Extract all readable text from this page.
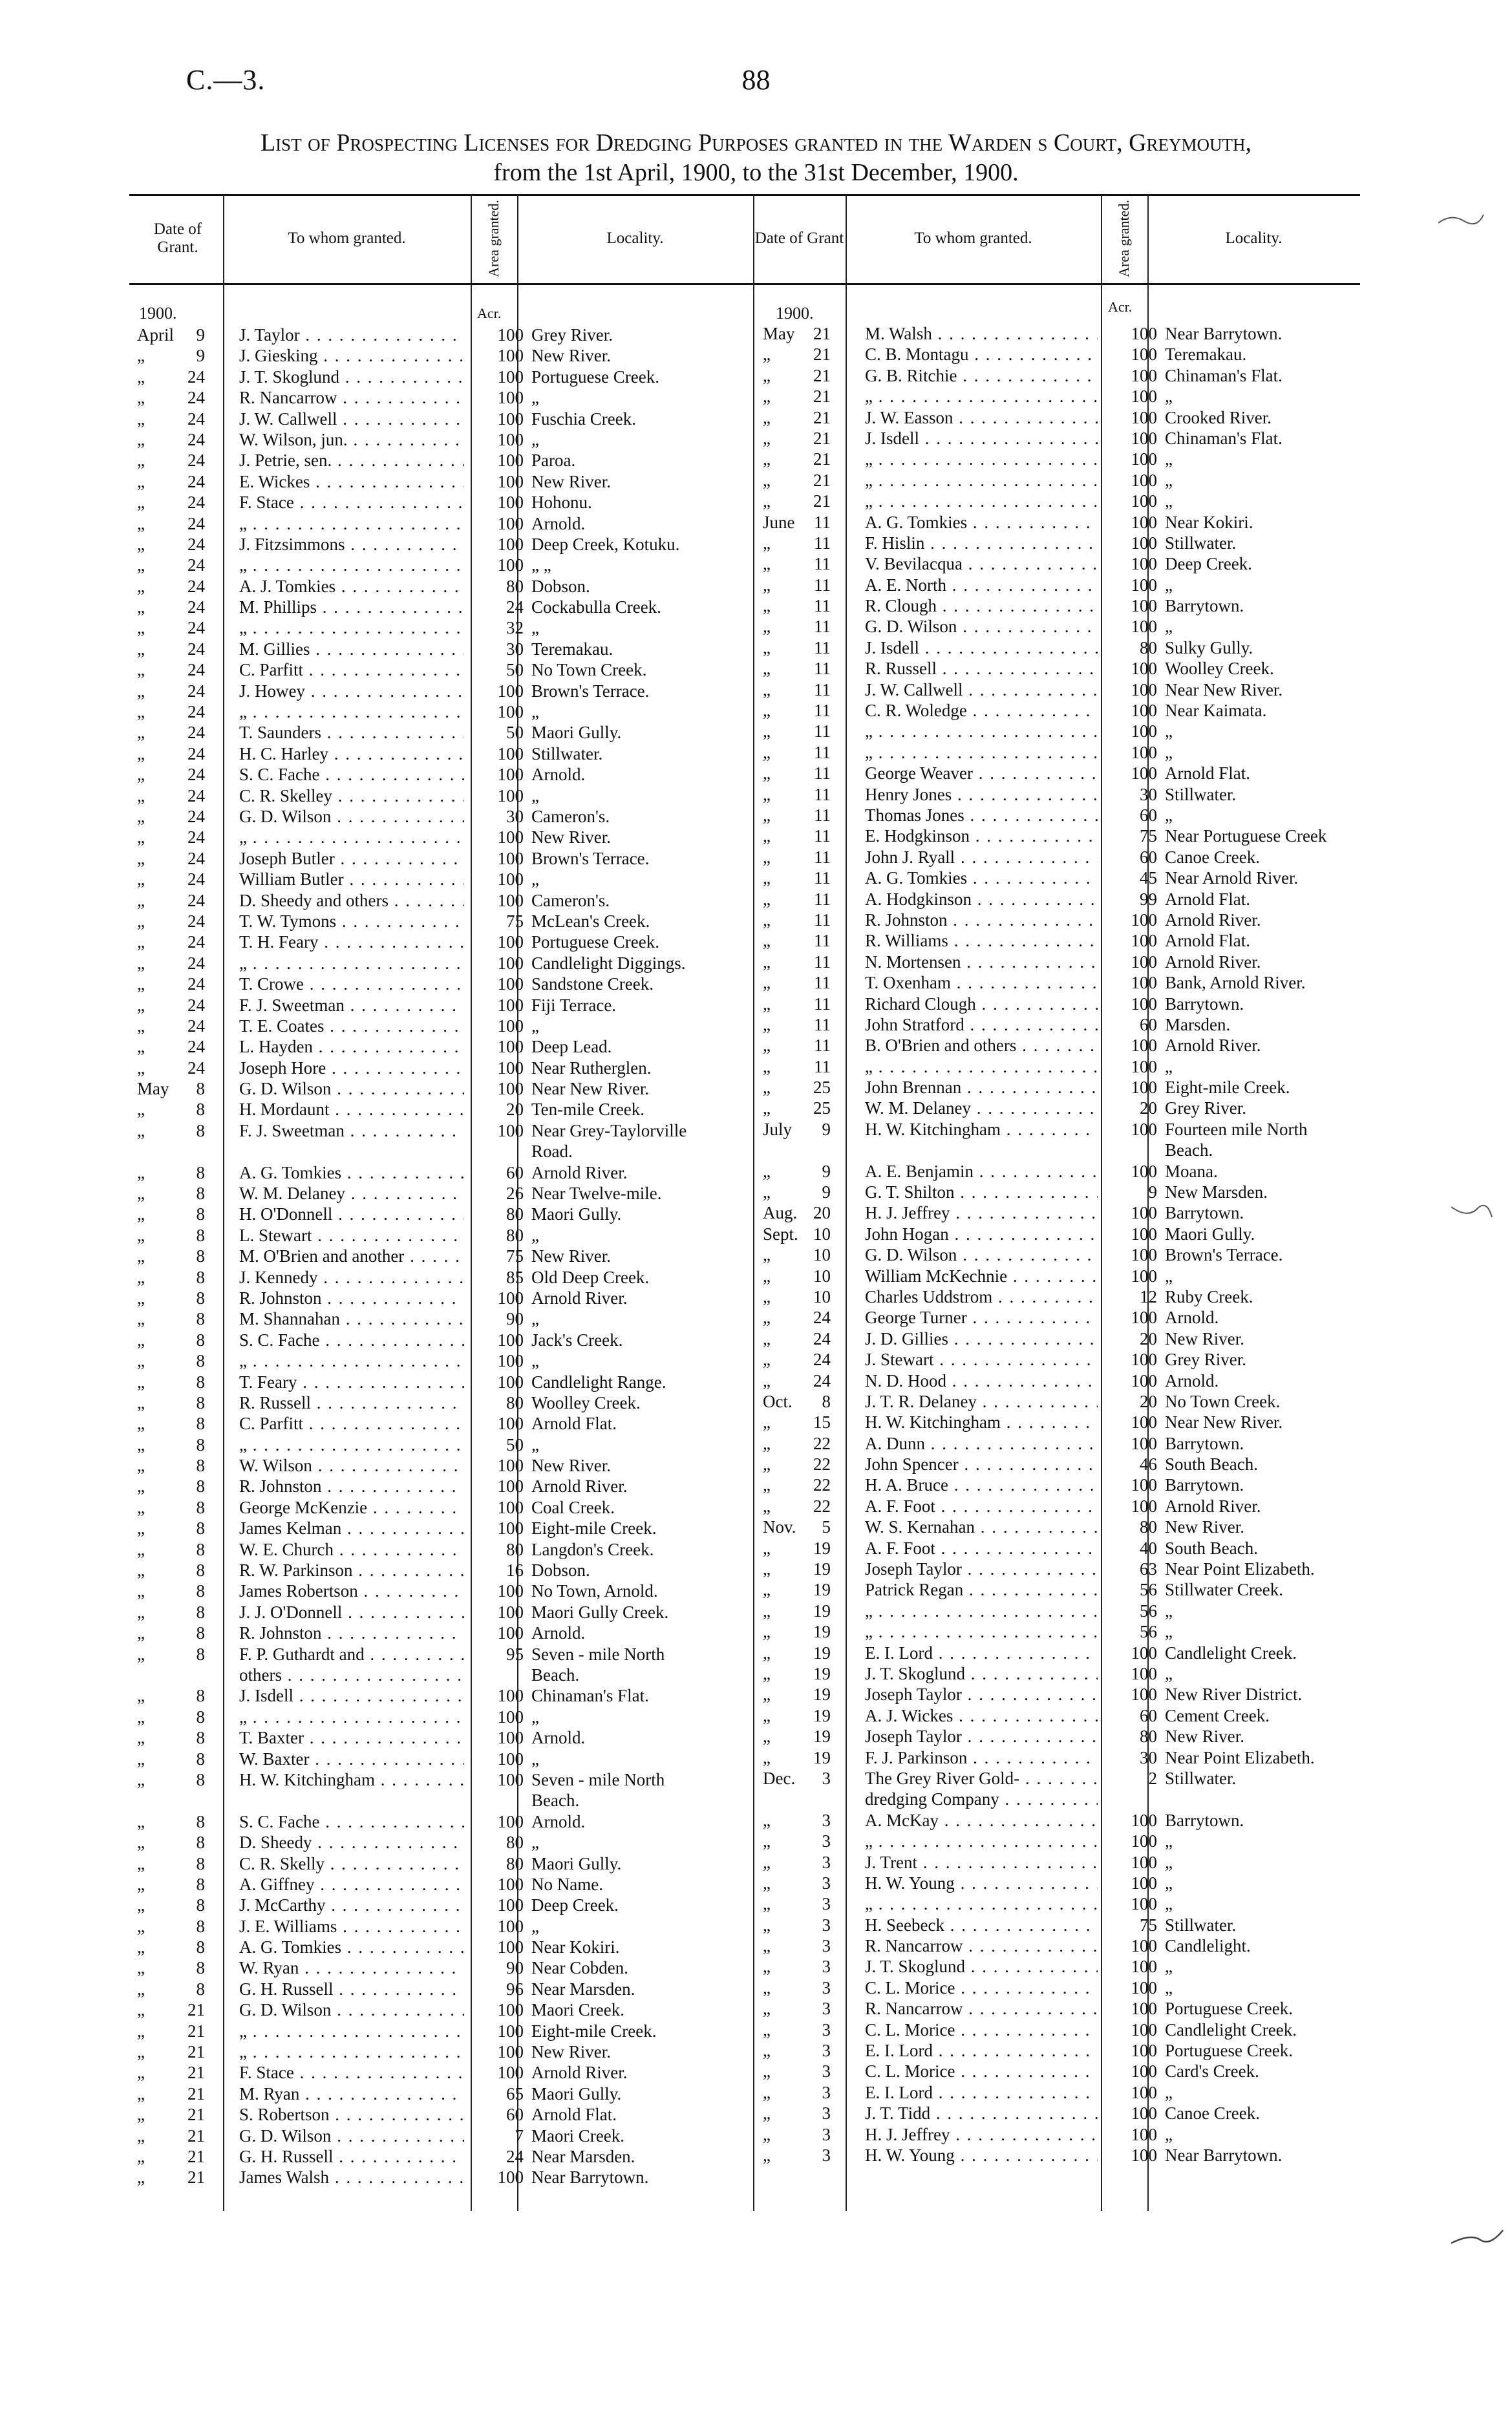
C.—3.	88
List of Prospecting Licenses for Dredging Purposes granted in the Warden s Court, Greymouth,
from the 1st April, 1900, to the 31st December, 1900.
Date of Grant.
To whom granted.	Area granted.	Locality.	Date of Grant	To whom granted.	Area granted.	Locality.
1900.	Acr.	1900.	Acr.
April 9 J. Taylor . .	100 Grey River.
„	9 J. Giesking . .	100 New River.
„ 24 J. T. Skoglund . .	100 Portuguese Creek.
„ 24 R. Nancarrow . .	100 „
„ 24 J. W. Callwell . .	100 Fuschia Creek.
„ 24 W. Wilson, jun. . .	100 „
„ 24 J. Petrie, sen. . .	100 Paroa.
„ 24 E. Wickes . .	100 New River.
„ 24 F. Stace . .	100 Hohonu.
„ 24 „ . .	100 Arnold.
„ 24 J. Fitzsimmons . .	100 Deep Creek, Kotuku.
„ 24 „ . .	100 „ „
„ 24 A. J. Tomkies . .	80 Dobson.
„ 24 M. Phillips . .	24 Cockabulla Creek.
„ 24 „ . .	32 „
„ 24 M. Gillies . .	30 Teremakau.
„ 24 C. Parfitt . .	50 No Town Creek.
„ 24 J. Howey . .	100 Brown's Terrace.
„ 24 „ . .	100 „
„ 24 T. Saunders . .	50 Maori Gully.
„ 24 H. C. Harley . .	100 Stillwater.
„ 24 S. C. Fache . .	100 Arnold.
„ 24 C. R. Skelley . .	100 „
„ 24 G. D. Wilson . .	30 Cameron's.
„ 24 „ . .	100 New River.
„ 24 Joseph Butler . .	100 Brown's Terrace.
„ 24 William Butler . .	100 „
„ 24 D. Sheedy and others . .	100 Cameron's.
„ 24 T. W. Tymons . .	75 McLean's Creek.
„ 24 T. H. Feary . .	100 Portuguese Creek.
„ 24 „ . .	100 Candlelight Diggings.
„ 24 T. Crowe . .	100 Sandstone Creek.
„ 24 F. J. Sweetman . .	100 Fiji Terrace.
„ 24 T. E. Coates . .	100 „
„ 24 L. Hayden . .	100 Deep Lead.
„ 24 Joseph Hore . .	100 Near Rutherglen.
May 8 G. D. Wilson . .	100 Near New River.
„	8 H. Mordaunt . .	20 Ten-mile Creek.
„	8 F. J. Sweetman . .	100 Near Grey-Taylorville
Road.
„	8 A. G. Tomkies . .	60 Arnold River.
„	8 W. M. Delaney . .	26 Near Twelve-mile.
„	8 H. O'Donnell . .	80 Maori Gully.
„	8 L. Stewart . .	80 „
„	8 M. O'Brien and another . .	75 New River.
„	8 J. Kennedy . .	85 Old Deep Creek.
„	8 R. Johnston . .	100 Arnold River.
„	8 M. Shannahan . .	90 „
„	8 S. C. Fache . .	100 Jack's Creek.
„	8 „ . .	100 „
„	8 T. Feary . .	100 Candlelight Range.
„	8 R. Russell . .	80 Woolley Creek.
„	8 C. Parfitt . .	100 Arnold Flat.
„	8 „ . .	50 „
„	8 W. Wilson . .	100 New River.
„	8 R. Johnston . .	100 Arnold River.
„	8 George McKenzie . .	100 Coal Creek.
„	8 James Kelman . .	100 Eight-mile Creek.
„	8 W. E. Church . .	80 Langdon's Creek.
„	8 R. W. Parkinson . .	16 Dobson.
„	8 James Robertson . .	100 No Town, Arnold.
„	8 J. J. O'Donnell . .	100 Maori Gully Creek.
„	8 R. Johnston . .	100 Arnold.
„	8 F. P. Guthardt and . .	95 Seven - mile North
others . .	Beach.
„	8 J. Isdell . .	100 Chinaman's Flat.
„	8 „ . .	100 „
„	8 T. Baxter . .	100 Arnold.
„	8 W. Baxter . .	100 „
„	8 H. W. Kitchingham . .	100 Seven - mile North
Beach.
„	8 S. C. Fache . .	100 Arnold.
„	8 D. Sheedy . .	80 „
„	8 C. R. Skelly . .	80 Maori Gully.
„	8 A. Giffney . .	100 No Name.
„	8 J. McCarthy . .	100 Deep Creek.
„	8 J. E. Williams . .	100 „
„	8 A. G. Tomkies . .	100 Near Kokiri.
„	8 W. Ryan . .	90 Near Cobden.
„	8 G. H. Russell . .	96 Near Marsden.
„ 21 G. D. Wilson . .	100 Maori Creek.
„ 21 „ . .	100 Eight-mile Creek.
„ 21 „ . .	100 New River.
„ 21 F. Stace . .	100 Arnold River.
„ 21 M. Ryan . .	65 Maori Gully.
„ 21 S. Robertson . .	60 Arnold Flat.
„ 21 G. D. Wilson . .	7 Maori Creek.
„ 21 G. H. Russell . .	24 Near Marsden.
„ 21 James Walsh . .	100 Near Barrytown.
May 21 M. Walsh . .	100 Near Barrytown.
„ 21 C. B. Montagu . .	100 Teremakau.
„ 21 G. B. Ritchie . .	100 Chinaman's Flat.
„ 21 „ . .	100 „
„ 21 J. W. Easson . .	100 Crooked River.
„ 21 J. Isdell . .	100 Chinaman's Flat.
„ 21 „ . .	100 „
„ 21 „ . .	100 „
„ 21 „ . .	100 „
June 11 A. G. Tomkies . .	100 Near Kokiri.
„ 11 F. Hislin . .	100 Stillwater.
„ 11 V. Bevilacqua . .	100 Deep Creek.
„ 11 A. E. North . .	100 „
„ 11 R. Clough . .	100 Barrytown.
„ 11 G. D. Wilson . .	100 „
„ 11 J. Isdell . .	80 Sulky Gully.
„ 11 R. Russell . .	100 Woolley Creek.
„ 11 J. W. Callwell . .	100 Near New River.
„ 11 C. R. Woledge . .	100 Near Kaimata.
„ 11 „ . .	100 „
„ 11 „ . .	100 „
„ 11 George Weaver . .	100 Arnold Flat.
„ 11 Henry Jones . .	30 Stillwater.
„ 11 Thomas Jones . .	60 „
„ 11 E. Hodgkinson . .	75 Near Portuguese Creek
„ 11 John J. Ryall . .	60 Canoe Creek.
„ 11 A. G. Tomkies . .	45 Near Arnold River.
„ 11 A. Hodgkinson . .	99 Arnold Flat.
„ 11 R. Johnston . .	100 Arnold River.
„ 11 R. Williams . .	100 Arnold Flat.
„ 11 N. Mortensen . .	100 Arnold River.
„ 11 T. Oxenham . .	100 Bank, Arnold River.
„ 11 Richard Clough . .	100 Barrytown.
„ 11 John Stratford . .	60 Marsden.
„ 11 B. O'Brien and others . .	100 Arnold River.
„ 11 „ . .	100 „
„ 25 John Brennan . .	100 Eight-mile Creek.
„ 25 W. M. Delaney . .	20 Grey River.
July 9 H. W. Kitchingham . .	100 Fourteen mile North
Beach.
„	9 A. E. Benjamin . .	100 Moana.
„	9 G. T. Shilton . .	9 New Marsden.
Aug. 20 H. J. Jeffrey . .	100 Barrytown.
Sept. 10 John Hogan . .	100 Maori Gully.
„ 10 G. D. Wilson . .	100 Brown's Terrace.
„ 10 William McKechnie . .	100 „
„ 10 Charles Uddstrom . .	12 Ruby Creek.
„ 24 George Turner . .	100 Arnold.
„ 24 J. D. Gillies . .	20 New River.
„ 24 J. Stewart . .	100 Grey River.
„ 24 N. D. Hood . .	100 Arnold.
Oct. 8 J. T. R. Delaney . .	20 No Town Creek.
„ 15 H. W. Kitchingham . .	100 Near New River.
„ 22 A. Dunn . .	100 Barrytown.
„ 22 John Spencer . .	46 South Beach.
„ 22 H. A. Bruce . .	100 Barrytown.
„ 22 A. F. Foot . .	100 Arnold River.
Nov. 5 W. S. Kernahan . .	80 New River.
„ 19 A. F. Foot . .	40 South Beach.
„ 19 Joseph Taylor . .	63 Near Point Elizabeth.
„ 19 Patrick Regan . .	56 Stillwater Creek.
„ 19 „ . .	56 „
„ 19 „ . .	56 „
„ 19 E. I. Lord . .	100 Candlelight Creek.
„ 19 J. T. Skoglund . .	100 „
„ 19 Joseph Taylor . .	100 New River District.
„ 19 A. J. Wickes . .	60 Cement Creek.
„ 19 Joseph Taylor . .	80 New River.
„ 19 F. J. Parkinson . .	30 Near Point Elizabeth.
Dec. 3 The Grey River Gold- . .	2 Stillwater.
dredging Company . .
„	3 A. McKay . .	100 Barrytown.
„	3 „ . .	100 „
„	3 J. Trent . .	100 „
„	3 H. W. Young . .	100 „
„	3 „ . .	100 „
„	3 H. Seebeck . .	75 Stillwater.
„	3 R. Nancarrow . .	100 Candlelight.
„	3 J. T. Skoglund . .	100 „
„	3 C. L. Morice . .	100 „
„	3 R. Nancarrow . .	100 Portuguese Creek.
„	3 C. L. Morice . .	100 Candlelight Creek.
„	3 E. I. Lord . .	100 Portuguese Creek.
„	3 C. L. Morice . .	100 Card's Creek.
„	3 E. I. Lord . .	100 „
„	3 J. T. Tidd . .	100 Canoe Creek.
„	3 H. J. Jeffrey . .	100 „
„	3 H. W. Young . .	100 Near Barrytown.
